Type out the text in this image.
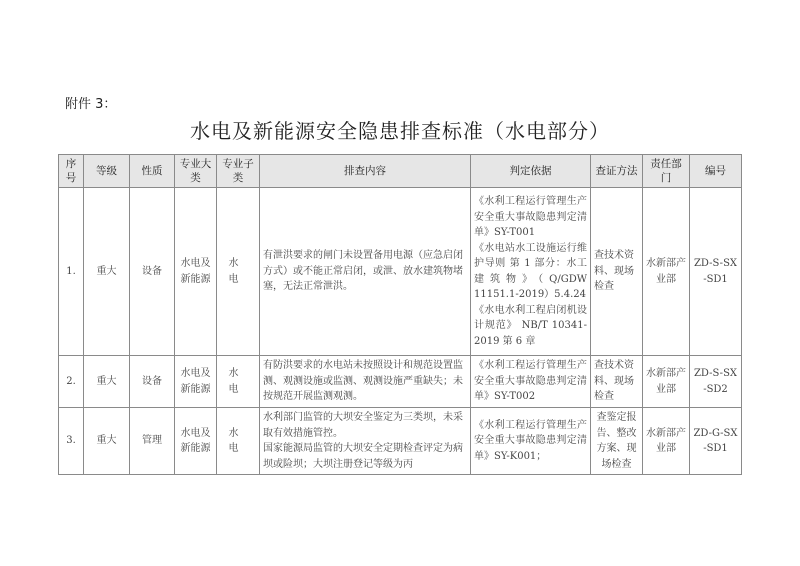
附件 3：
水电及新能源安全隐患排查标准（水电部分）
序号	等级	性质	专业大类	专业子类	排查内容	判定依据	查证方法	责任部门	编号
1.	重大	设备	水电及新能源	水 电	有泄洪要求的闸门未设置备用电源（应急启闭方式）或不能正常启闭，或泄、放水建筑物堵塞，无法正常泄洪。	《水利工程运行管理生产安全重大事故隐患判定清单》SY-T001
《水电站水工设施运行维护导则 第 1 部分：水工建筑物》（Q/GDW 11151.1-2019）5.4.24
《水电水利工程启闭机设计规范》 NB/T 10341-2019 第 6 章	查技术资料、现场检查	水新部产业部	ZD-S-SX-SD1
2.	重大	设备	水电及新能源	水 电	有防洪要求的水电站未按照设计和规范设置监测、观测设施或监测、观测设施严重缺失；未按规范开展监测观测。	《水利工程运行管理生产安全重大事故隐患判定清单》SY-T002	查技术资料、现场检查	水新部产业部	ZD-S-SX-SD2
3.	重大	管理	水电及新能源	水 电	水利部门监管的大坝安全鉴定为三类坝，未采取有效措施管控。
国家能源局监管的大坝安全定期检查评定为病坝或险坝；大坝注册登记等级为丙	《水利工程运行管理生产安全重大事故隐患判定清单》SY-K001；	查鉴定报告、整改方案、现场检查	水新部产业部	ZD-G-SX-SD1
